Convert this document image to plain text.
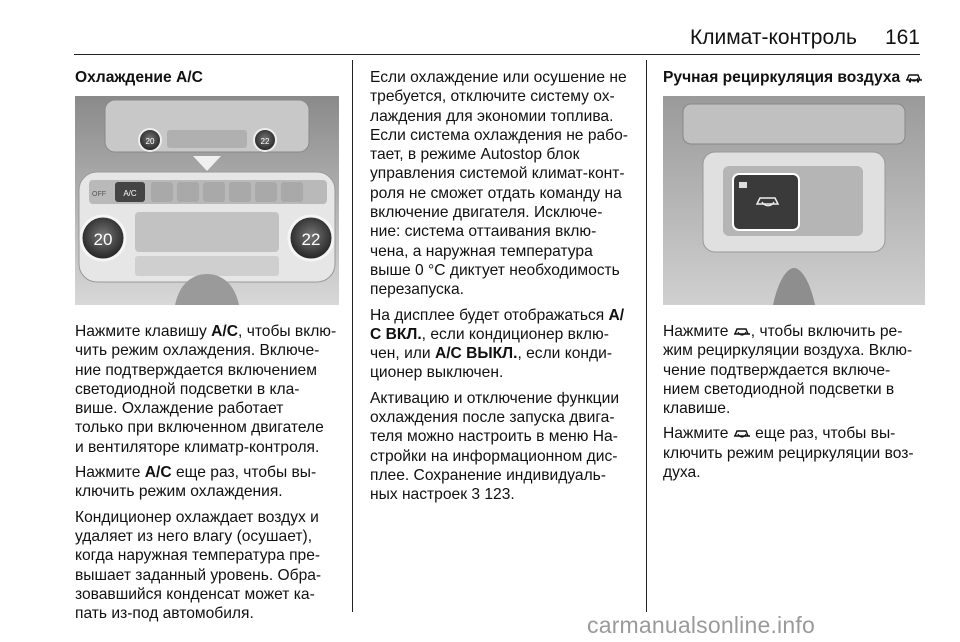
Климат-контроль 161
Охлаждение A/C
20	22
A/C
OFF
20	22

Нажмите клавишу A/C, чтобы вклю-
чить режим охлаждения. Включе-
ние подтверждается включением
светодиодной подсветки в кла-
више. Охлаждение работает
только при включенном двигателе
и вентиляторе климатр-контроля.

Нажмите A/C еще раз, чтобы вы-
ключить режим охлаждения.

Кондиционер охлаждает воздух и
удаляет из него влагу (осушает),
когда наружная температура пре-
вышает заданный уровень. Обра-
зовавшийся конденсат может ка-
пать из-под автомобиля.

Если охлаждение или осушение не
требуется, отключите систему ох-
лаждения для экономии топлива.
Если система охлаждения не рабо-
тает, в режиме Autostop блок
управления системой климат-конт-
роля не сможет отдать команду на
включение двигателя. Исключе-
ние: система оттаивания вклю-
чена, а наружная температура
выше 0 °C диктует необходимость
перезапуска.

На дисплее будет отображаться A/
С ВКЛ., если кондиционер вклю-
чен, или A/C ВЫКЛ., если конди-
ционер выключен.

Активацию и отключение функции
охлаждения после запуска двига-
теля можно настроить в меню На-
стройки на информационном дис-
плее. Сохранение индивидуаль-
ных настроек 3 123.

Ручная рециркуляция воздуха

Нажмите , чтобы включить ре-
жим рециркуляции воздуха. Вклю-
чение подтверждается включе-
нием светодиодной подсветки в
клавише.

Нажмите  еще раз, чтобы вы-
ключить режим рециркуляции воз-
духа.

carmanualsonline.info
